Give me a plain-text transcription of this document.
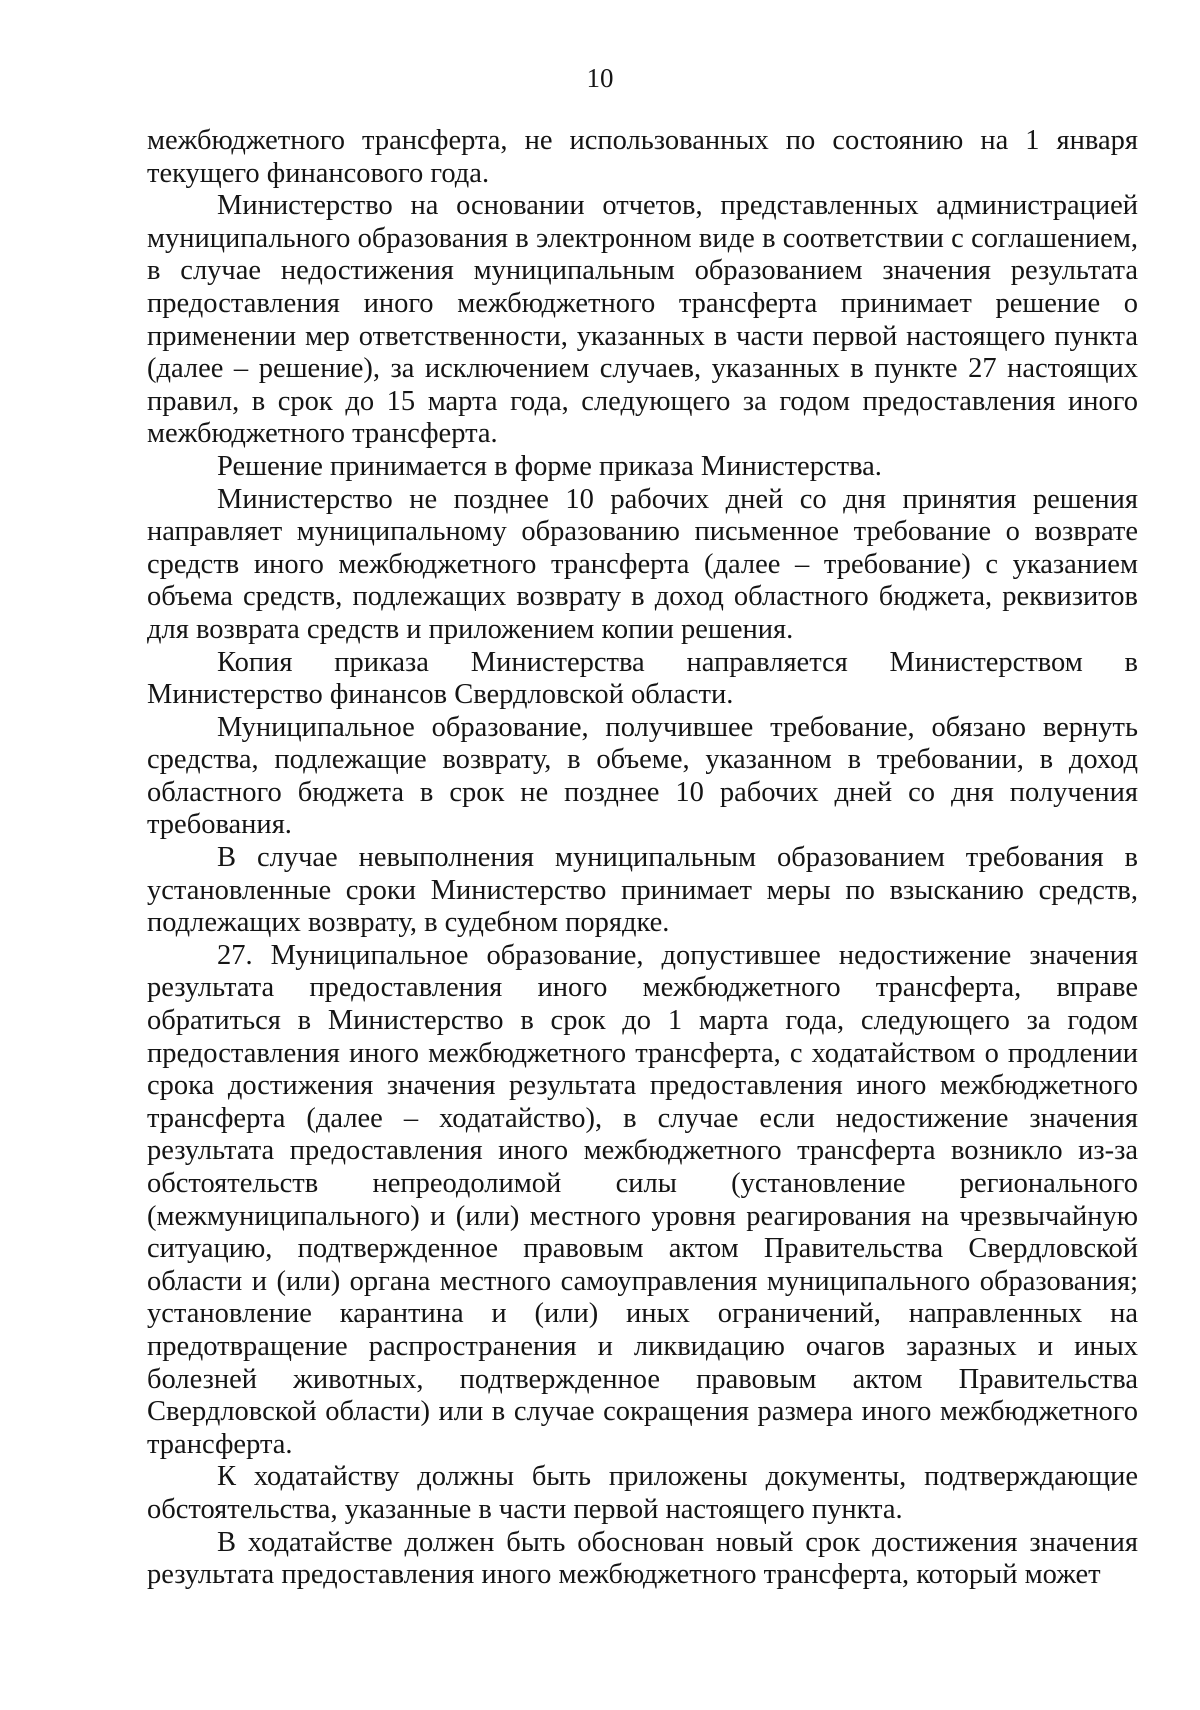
10

межбюджетного трансферта, не использованных по состоянию на 1 января текущего финансового года.

Министерство на основании отчетов, представленных администрацией муниципального образования в электронном виде в соответствии с соглашением, в случае недостижения муниципальным образованием значения результата предоставления иного межбюджетного трансферта принимает решение о применении мер ответственности, указанных в части первой настоящего пункта (далее – решение), за исключением случаев, указанных в пункте 27 настоящих правил, в срок до 15 марта года, следующего за годом предоставления иного межбюджетного трансферта.

Решение принимается в форме приказа Министерства.

Министерство не позднее 10 рабочих дней со дня принятия решения направляет муниципальному образованию письменное требование о возврате средств иного межбюджетного трансферта (далее – требование) с указанием объема средств, подлежащих возврату в доход областного бюджета, реквизитов для возврата средств и приложением копии решения.

Копия приказа Министерства направляется Министерством в Министерство финансов Свердловской области.

Муниципальное образование, получившее требование, обязано вернуть средства, подлежащие возврату, в объеме, указанном в требовании, в доход областного бюджета в срок не позднее 10 рабочих дней со дня получения требования.

В случае невыполнения муниципальным образованием требования в установленные сроки Министерство принимает меры по взысканию средств, подлежащих возврату, в судебном порядке.

27. Муниципальное образование, допустившее недостижение значения результата предоставления иного межбюджетного трансферта, вправе обратиться в Министерство в срок до 1 марта года, следующего за годом предоставления иного межбюджетного трансферта, с ходатайством о продлении срока достижения значения результата предоставления иного межбюджетного трансферта (далее – ходатайство), в случае если недостижение значения результата предоставления иного межбюджетного трансферта возникло из-за обстоятельств непреодолимой силы (установление регионального (межмуниципального) и (или) местного уровня реагирования на чрезвычайную ситуацию, подтвержденное правовым актом Правительства Свердловской области и (или) органа местного самоуправления муниципального образования; установление карантина и (или) иных ограничений, направленных на предотвращение распространения и ликвидацию очагов заразных и иных болезней животных, подтвержденное правовым актом Правительства Свердловской области) или в случае сокращения размера иного межбюджетного трансферта.

К ходатайству должны быть приложены документы, подтверждающие обстоятельства, указанные в части первой настоящего пункта.

В ходатайстве должен быть обоснован новый срок достижения значения результата предоставления иного межбюджетного трансферта, который может
